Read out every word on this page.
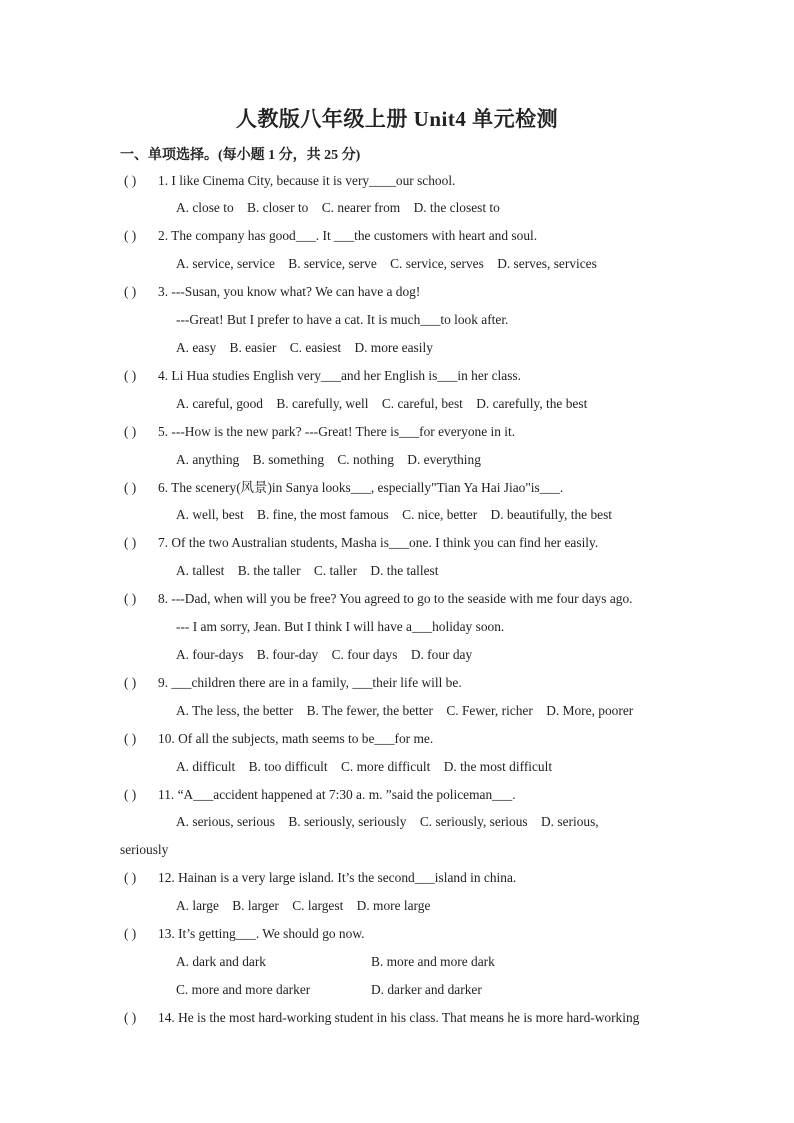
人教版八年级上册 Unit4 单元检测
一、单项选择。(每小题 1 分，共 25 分)
( ) 1. I like Cinema City, because it is very____our school.
A. close to B. closer to C. nearer from D. the closest to
( ) 2. The company has good___. It ___the customers with heart and soul.
A. service, service B. service, serve C. service, serves D. serves, services
( ) 3. ---Susan, you know what? We can have a dog!
---Great! But I prefer to have a cat. It is much___to look after.
A. easy B. easier C. easiest D. more easily
( ) 4. Li Hua studies English very___and her English is___in her class.
A. careful, good B. carefully, well C. careful, best D. carefully, the best
( ) 5. ---How is the new park? ---Great! There is___for everyone in it.
A. anything B. something C. nothing D. everything
( ) 6. The scenery(风景)in Sanya looks___, especially"Tian Ya Hai Jiao"is___.
A. well, best B. fine, the most famous C. nice, better D. beautifully, the best
( ) 7. Of the two Australian students, Masha is___one. I think you can find her easily.
A. tallest B. the taller C. taller D. the tallest
( ) 8. ---Dad, when will you be free? You agreed to go to the seaside with me four days ago.
--- I am sorry, Jean. But I think I will have a___holiday soon.
A. four-days B. four-day C. four days D. four day
( ) 9. ___children there are in a family, ___their life will be.
A. The less, the better B. The fewer, the better C. Fewer, richer D. More, poorer
( ) 10. Of all the subjects, math seems to be___for me.
A. difficult B. too difficult C. more difficult D. the most difficult
( ) 11. “A___accident happened at 7:30 a. m. ”said the policeman___.
A. serious, serious    B. seriously, seriously    C. seriously, serious    D. serious,
seriously
( ) 12. Hainan is a very large island. It’s the second___island in china.
A. large B. larger C. largest D. more large
( ) 13. It’s getting___. We should go now.
A. dark and dark	B. more and more dark
C. more and more darker	D. darker and darker
( ) 14. He is the most hard-working student in his class. That means he is more hard-working
